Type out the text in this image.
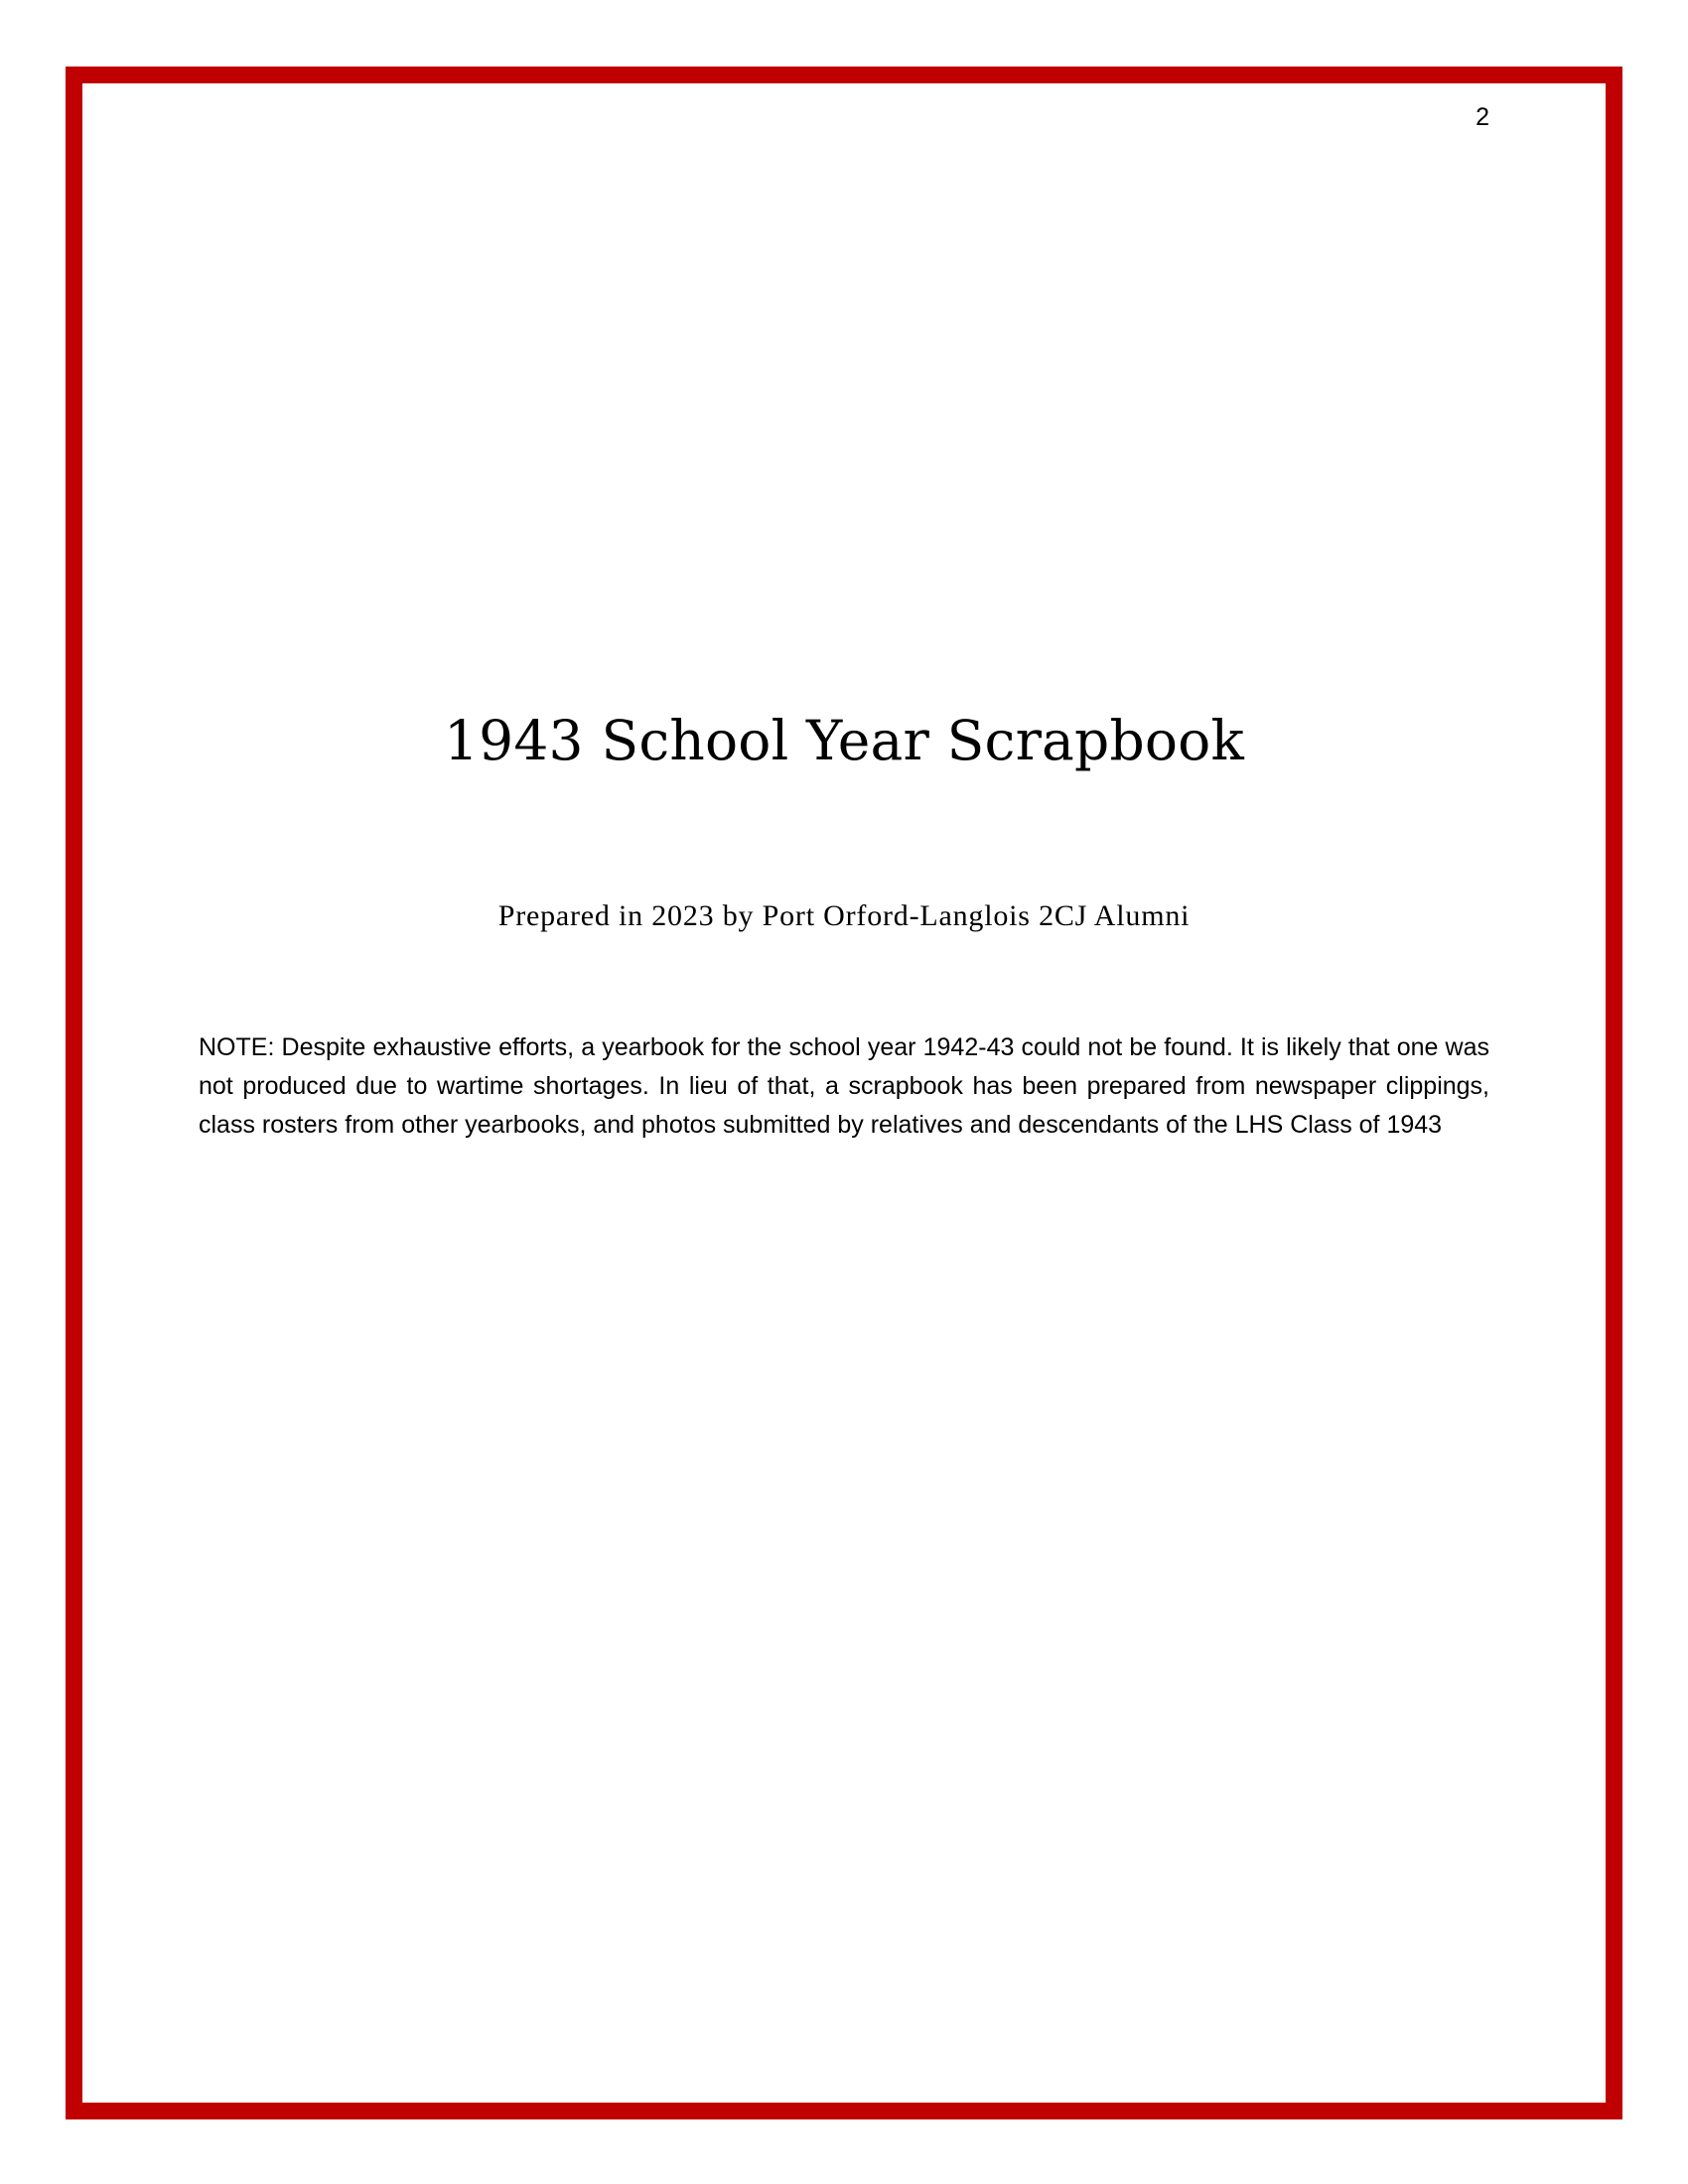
2
1943 School Year Scrapbook
Prepared in 2023 by Port Orford-Langlois 2CJ Alumni

NOTE: Despite exhaustive efforts, a yearbook for the school year 1942-43 could not be found. It is likely that one was not produced due to wartime shortages. In lieu of that, a scrapbook has been prepared from newspaper clippings, class rosters from other yearbooks, and photos submitted by relatives and descendants of the LHS Class of 1943
